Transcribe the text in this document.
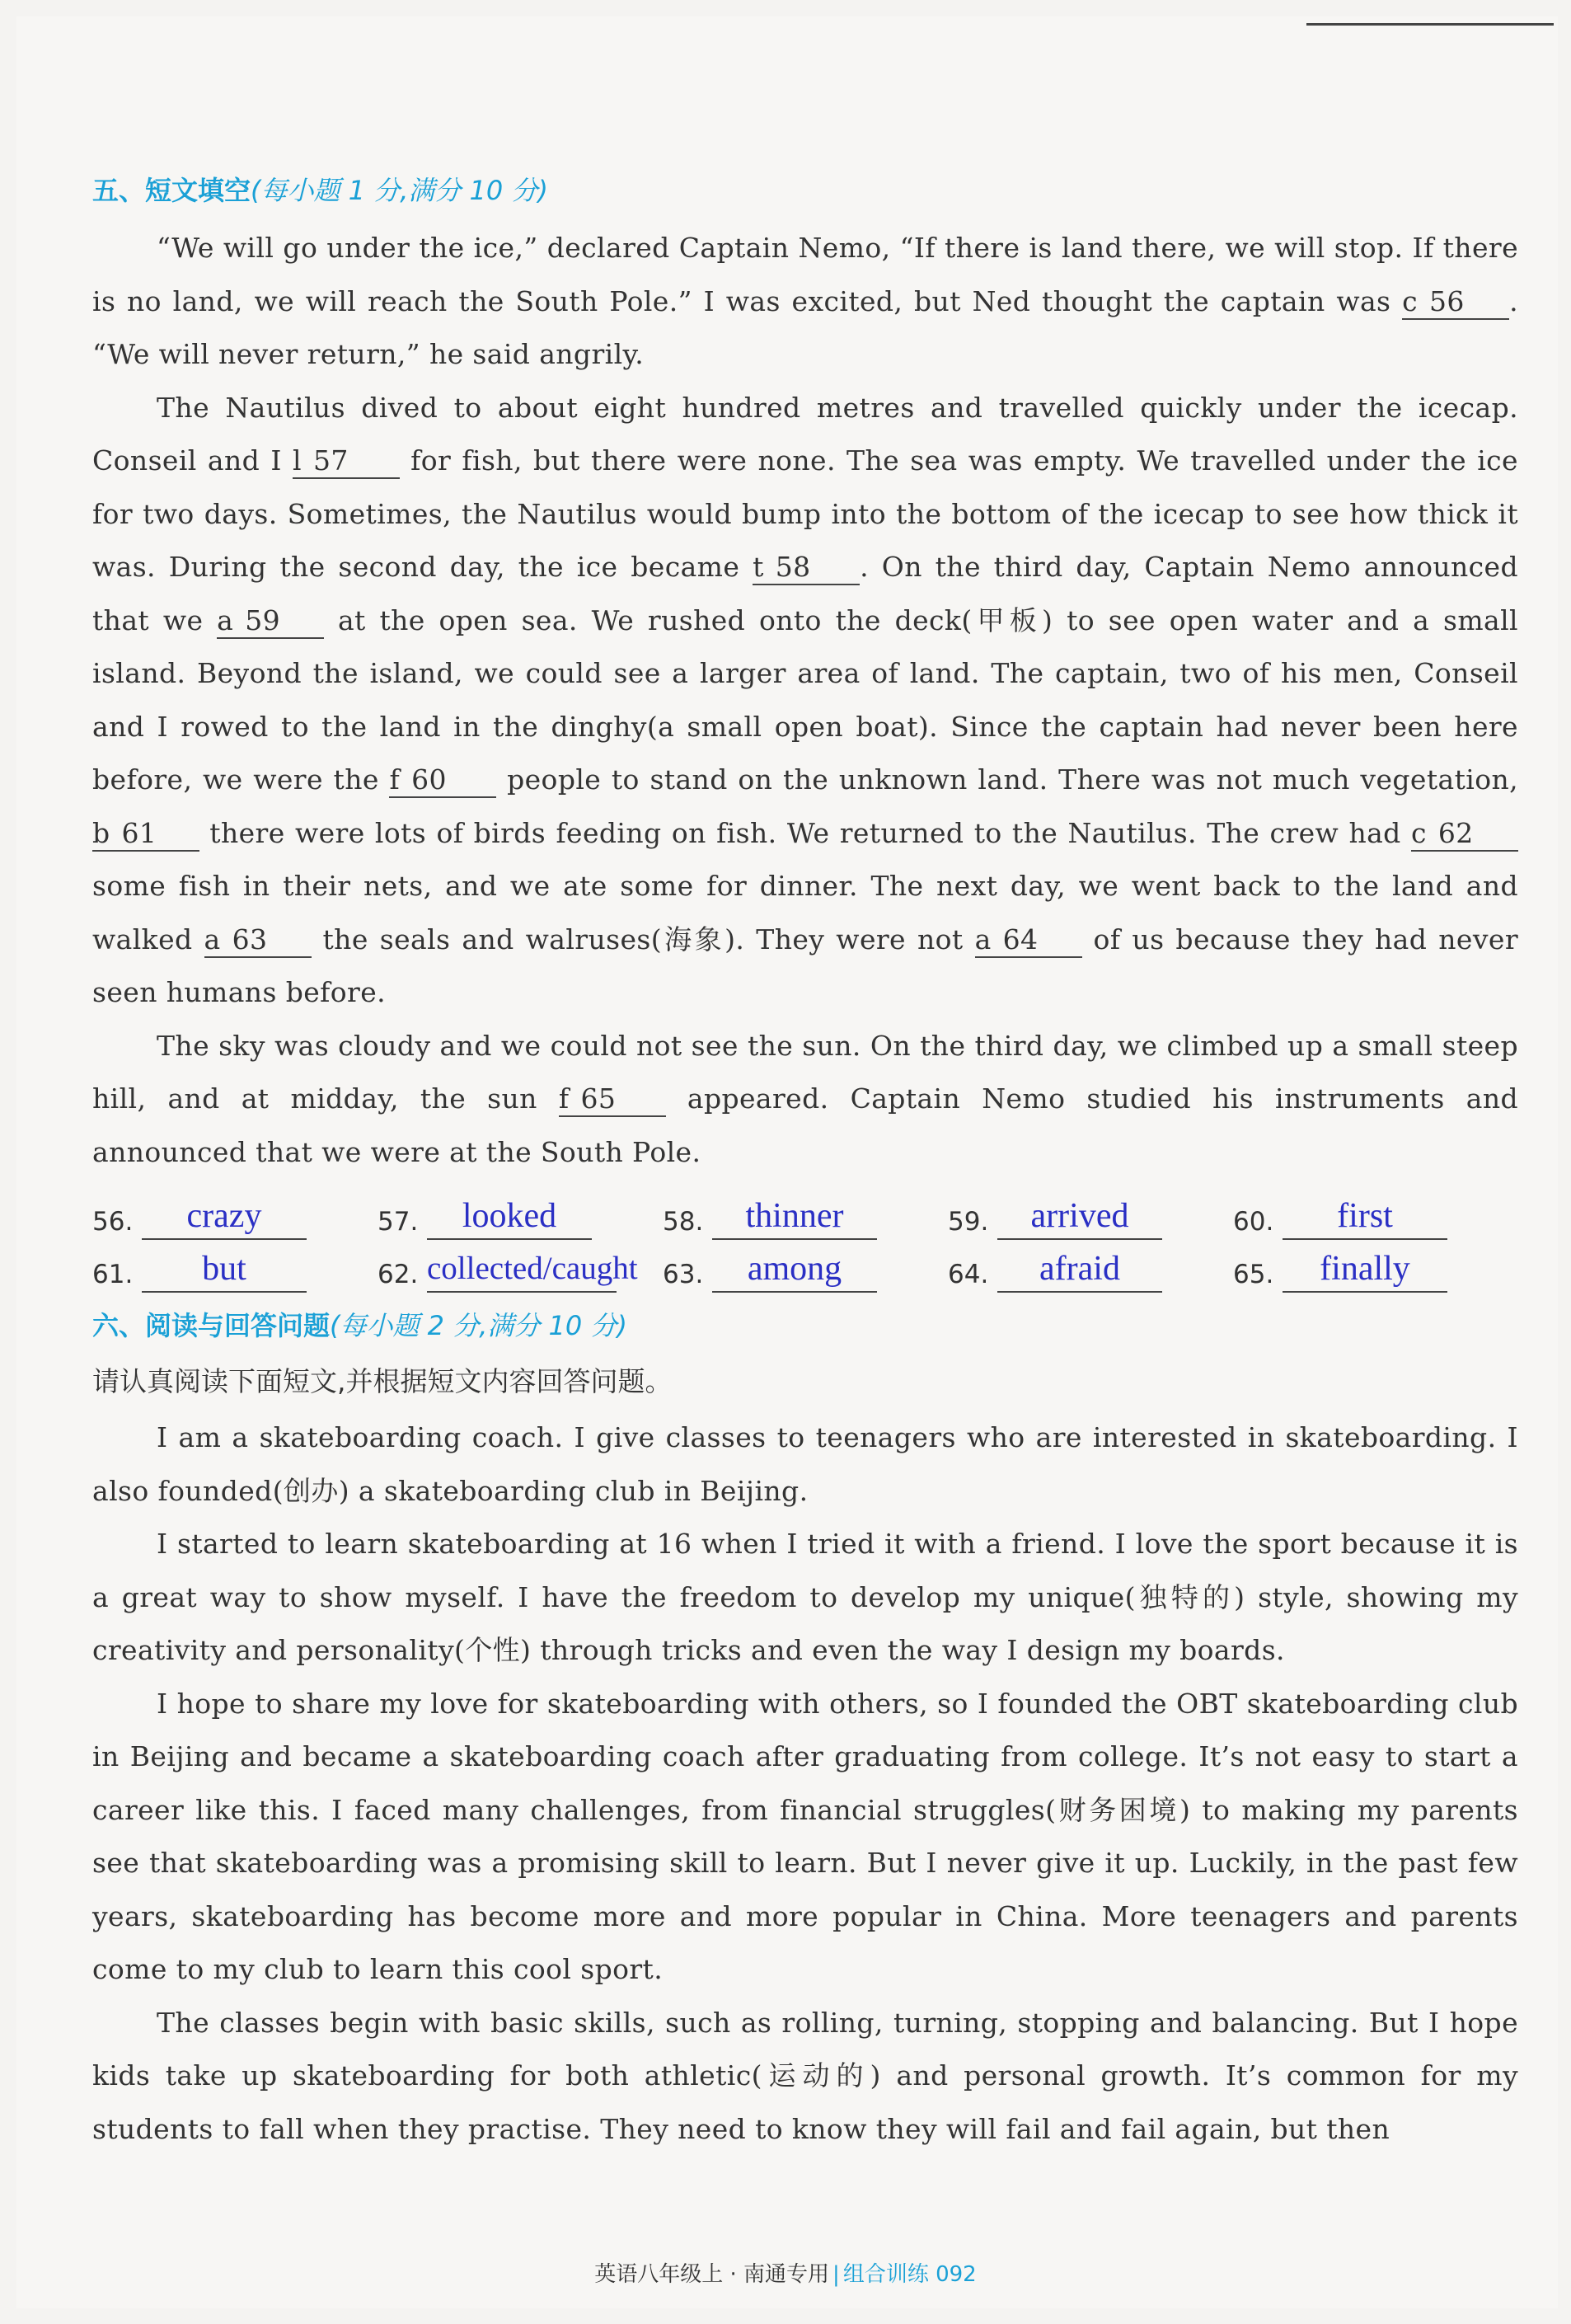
五、短文填空(每小题 1 分,满分 10 分)

“We will go under the ice,” declared Captain Nemo, “If there is land there, we will stop. If there is no land, we will reach the South Pole.” I was excited, but Ned thought the captain was c 56 . “We will never return,” he said angrily.

The Nautilus dived to about eight hundred metres and travelled quickly under the icecap. Conseil and I l 57 for fish, but there were none. The sea was empty. We travelled under the ice for two days. Sometimes, the Nautilus would bump into the bottom of the icecap to see how thick it was. During the second day, the ice became t 58 . On the third day, Captain Nemo announced that we a 59 at the open sea. We rushed onto the deck(甲板) to see open water and a small island. Beyond the island, we could see a larger area of land. The captain, two of his men, Conseil and I rowed to the land in the dinghy(a small open boat). Since the captain had never been here before, we were the f 60 people to stand on the unknown land. There was not much vegetation, b 61 there were lots of birds feeding on fish. We returned to the Nautilus. The crew had c 62 some fish in their nets, and we ate some for dinner. The next day, we went back to the land and walked a 63 the seals and walruses(海象). They were not a 64 of us because they had never seen humans before.

The sky was cloudy and we could not see the sun. On the third day, we climbed up a small steep hill, and at midday, the sun f 65 appeared. Captain Nemo studied his instruments and announced that we were at the South Pole.

56.	crazy	57.	looked	58.	thinner	59.	arrived	60.	first
61.	but	62. collected/caught 63.	among	64.	afraid	65.	finally
六、阅读与回答问题(每小题 2 分,满分 10 分)

请认真阅读下面短文,并根据短文内容回答问题。

I am a skateboarding coach. I give classes to teenagers who are interested in skateboarding. I also founded(创办) a skateboarding club in Beijing.

I started to learn skateboarding at 16 when I tried it with a friend. I love the sport because it is a great way to show myself. I have the freedom to develop my unique(独特的) style, showing my creativity and personality(个性) through tricks and even the way I design my boards.

I hope to share my love for skateboarding with others, so I founded the OBT skateboarding club in Beijing and became a skateboarding coach after graduating from college. It’s not easy to start a career like this. I faced many challenges, from financial struggles(财务困境) to making my parents see that skateboarding was a promising skill to learn. But I never give it up. Luckily, in the past few years, skateboarding has become more and more popular in China. More teenagers and parents come to my club to learn this cool sport.

The classes begin with basic skills, such as rolling, turning, stopping and balancing. But I hope kids take up skateboarding for both athletic(运动的) and personal growth. It’s common for my students to fall when they practise. They need to know they will fail and fail again, but then

英语八年级上 · 南通专用 | 组合训练 092
